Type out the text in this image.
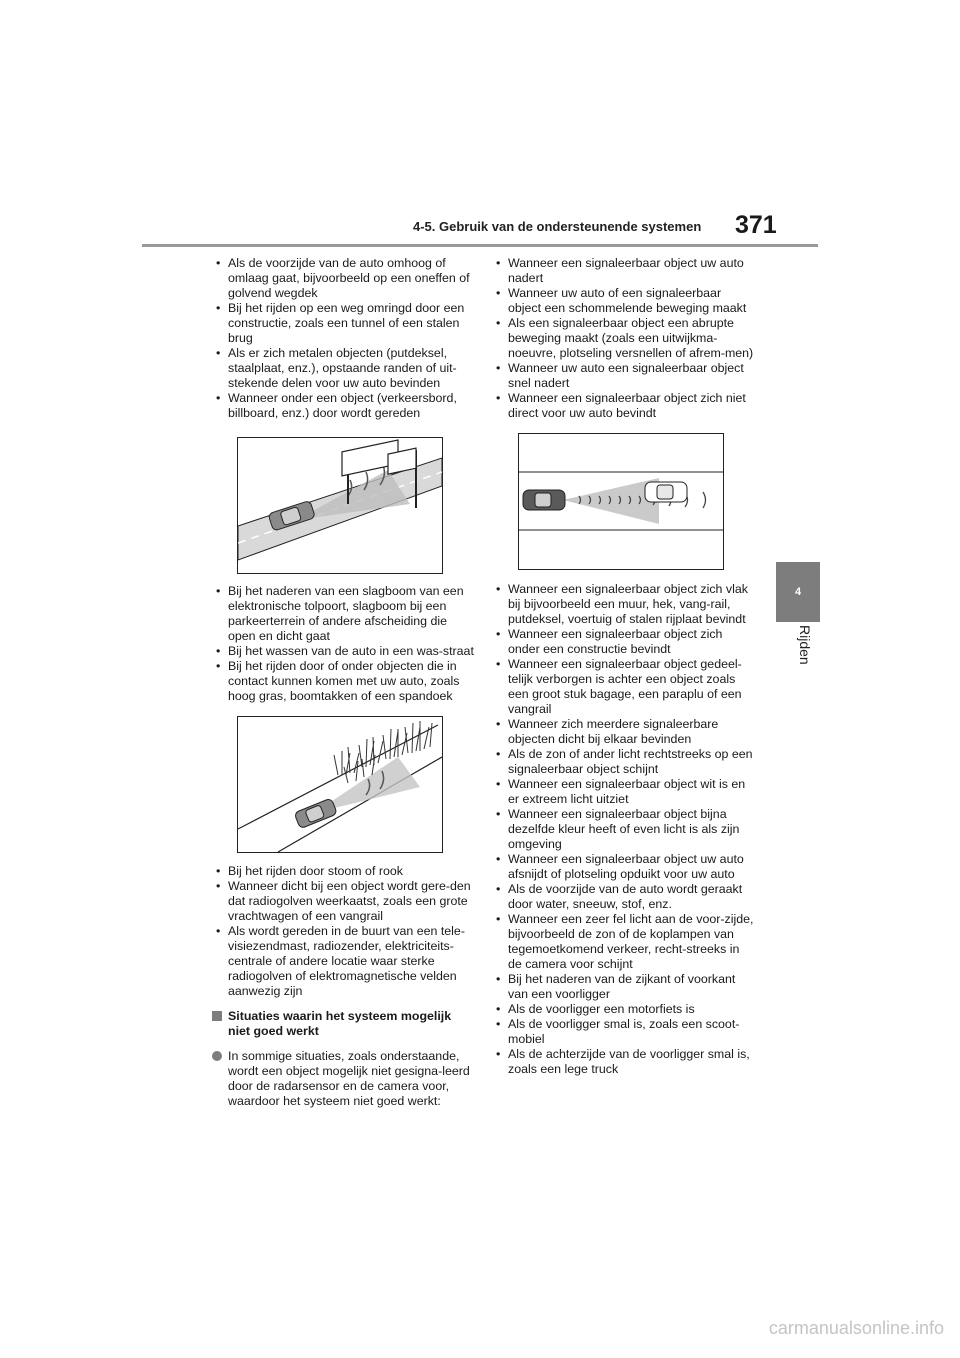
4-5. Gebruik van de ondersteunende systemen 371
4
Rijden
• Als de voorzijde van de auto omhoog of omlaag gaat, bijvoorbeeld op een oneffen of golvend wegdek
• Bij het rijden op een weg omringd door een constructie, zoals een tunnel of een stalen brug
• Als er zich metalen objecten (putdeksel, staalplaat, enz.), opstaande randen of uit-stekende delen voor uw auto bevinden
• Wanneer onder een object (verkeersbord, billboard, enz.) door wordt gereden
• Bij het naderen van een slagboom van een elektronische tolpoort, slagboom bij een parkeerterrein of andere afscheiding die open en dicht gaat
• Bij het wassen van de auto in een was-straat
• Bij het rijden door of onder objecten die in contact kunnen komen met uw auto, zoals hoog gras, boomtakken of een spandoek
• Bij het rijden door stoom of rook
• Wanneer dicht bij een object wordt gere-den dat radiogolven weerkaatst, zoals een grote vrachtwagen of een vangrail
• Als wordt gereden in de buurt van een tele-visiezendmast, radiozender, elektriciteits-centrale of andere locatie waar sterke radiogolven of elektromagnetische velden aanwezig zijn
Situaties waarin het systeem mogelijk niet goed werkt
In sommige situaties, zoals onderstaande, wordt een object mogelijk niet gesigna-leerd door de radarsensor en de camera voor, waardoor het systeem niet goed werkt:
• Wanneer een signaleerbaar object uw auto nadert
• Wanneer uw auto of een signaleerbaar object een schommelende beweging maakt
• Als een signaleerbaar object een abrupte beweging maakt (zoals een uitwijkma-noeuvre, plotseling versnellen of afrem-men)
• Wanneer uw auto een signaleerbaar object snel nadert
• Wanneer een signaleerbaar object zich niet direct voor uw auto bevindt
• Wanneer een signaleerbaar object zich vlak bij bijvoorbeeld een muur, hek, vang-rail, putdeksel, voertuig of stalen rijplaat bevindt
• Wanneer een signaleerbaar object zich onder een constructie bevindt
• Wanneer een signaleerbaar object gedeel-telijk verborgen is achter een object zoals een groot stuk bagage, een paraplu of een vangrail
• Wanneer zich meerdere signaleerbare objecten dicht bij elkaar bevinden
• Als de zon of ander licht rechtstreeks op een signaleerbaar object schijnt
• Wanneer een signaleerbaar object wit is en er extreem licht uitziet
• Wanneer een signaleerbaar object bijna dezelfde kleur heeft of even licht is als zijn omgeving
• Wanneer een signaleerbaar object uw auto afsnijdt of plotseling opduikt voor uw auto
• Als de voorzijde van de auto wordt geraakt door water, sneeuw, stof, enz.
• Wanneer een zeer fel licht aan de voor-zijde, bijvoorbeeld de zon of de koplampen van tegemoetkomend verkeer, recht-streeks in de camera voor schijnt
• Bij het naderen van de zijkant of voorkant van een voorligger
• Als de voorligger een motorfiets is
• Als de voorligger smal is, zoals een scoot-mobiel
• Als de achterzijde van de voorligger smal is, zoals een lege truck
carmanualsonline.info
